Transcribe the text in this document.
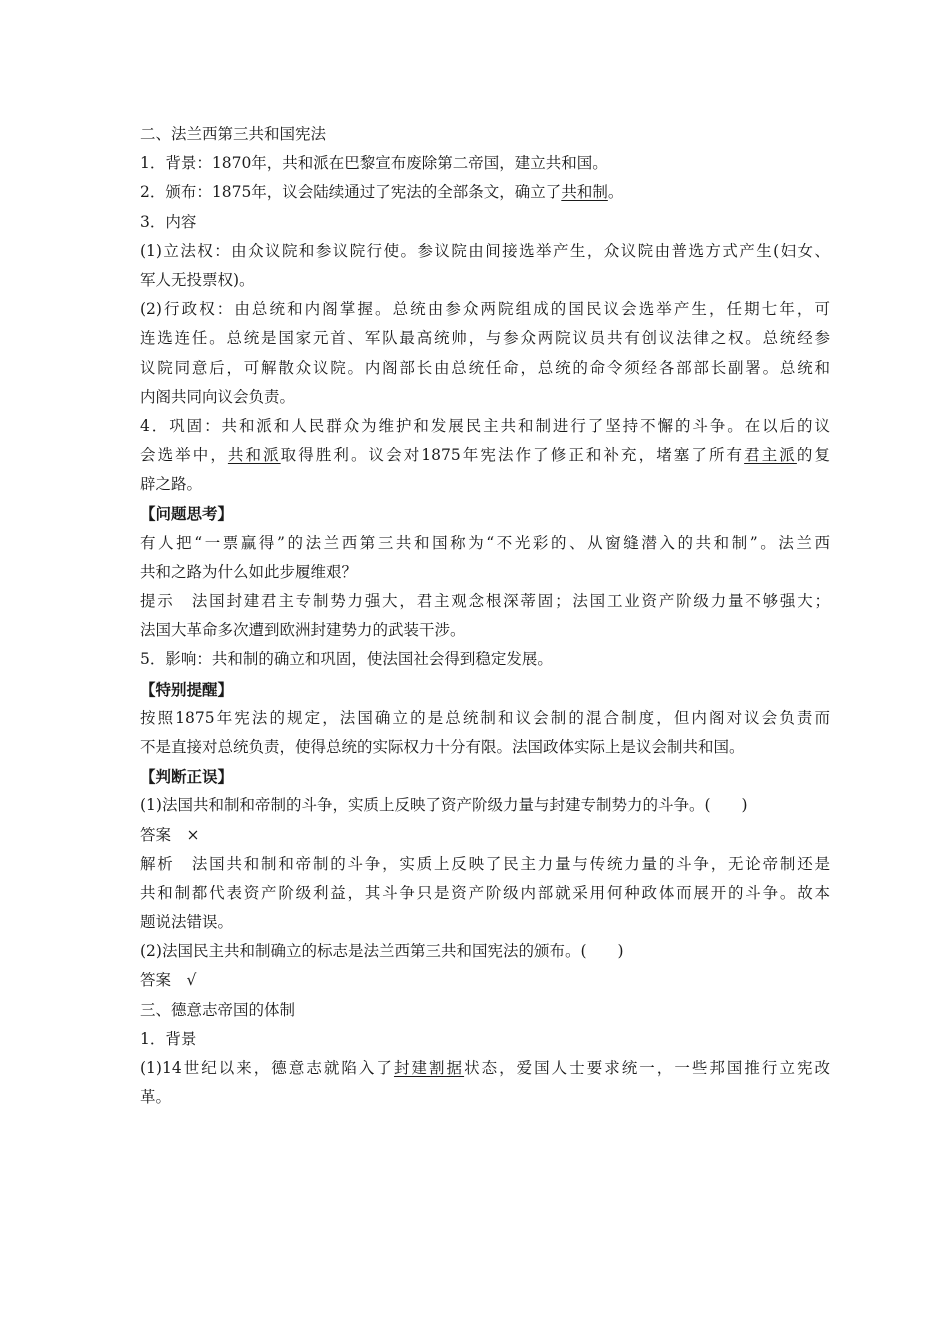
二、法兰西第三共和国宪法
1．背景：1870年，共和派在巴黎宣布废除第二帝国，建立共和国。
2．颁布：1875年，议会陆续通过了宪法的全部条文，确立了共和制。
3．内容
(1)立法权：由众议院和参议院行使。参议院由间接选举产生，众议院由普选方式产生(妇女、
军人无投票权)。
(2)行政权：由总统和内阁掌握。总统由参众两院组成的国民议会选举产生，任期七年，可
连选连任。总统是国家元首、军队最高统帅，与参众两院议员共有创议法律之权。总统经参
议院同意后，可解散众议院。内阁部长由总统任命，总统的命令须经各部部长副署。总统和
内阁共同向议会负责。
4．巩固：共和派和人民群众为维护和发展民主共和制进行了坚持不懈的斗争。在以后的议
会选举中，共和派取得胜利。议会对1875年宪法作了修正和补充，堵塞了所有君主派的复
辟之路。
【问题思考】
有人把“一票赢得”的法兰西第三共和国称为“不光彩的、从窗缝潜入的共和制”。法兰西
共和之路为什么如此步履维艰？
提示　法国封建君主专制势力强大，君主观念根深蒂固；法国工业资产阶级力量不够强大；
法国大革命多次遭到欧洲封建势力的武装干涉。
5．影响：共和制的确立和巩固，使法国社会得到稳定发展。
【特别提醒】
按照1875年宪法的规定，法国确立的是总统制和议会制的混合制度，但内阁对议会负责而
不是直接对总统负责，使得总统的实际权力十分有限。法国政体实际上是议会制共和国。
【判断正误】
(1)法国共和制和帝制的斗争，实质上反映了资产阶级力量与封建专制势力的斗争。(　　)
答案　×
解析　法国共和制和帝制的斗争，实质上反映了民主力量与传统力量的斗争，无论帝制还是
共和制都代表资产阶级利益，其斗争只是资产阶级内部就采用何种政体而展开的斗争。故本
题说法错误。
(2)法国民主共和制确立的标志是法兰西第三共和国宪法的颁布。(　　)
答案　√
三、德意志帝国的体制
1．背景
(1)14世纪以来，德意志就陷入了封建割据状态，爱国人士要求统一，一些邦国推行立宪改
革。
